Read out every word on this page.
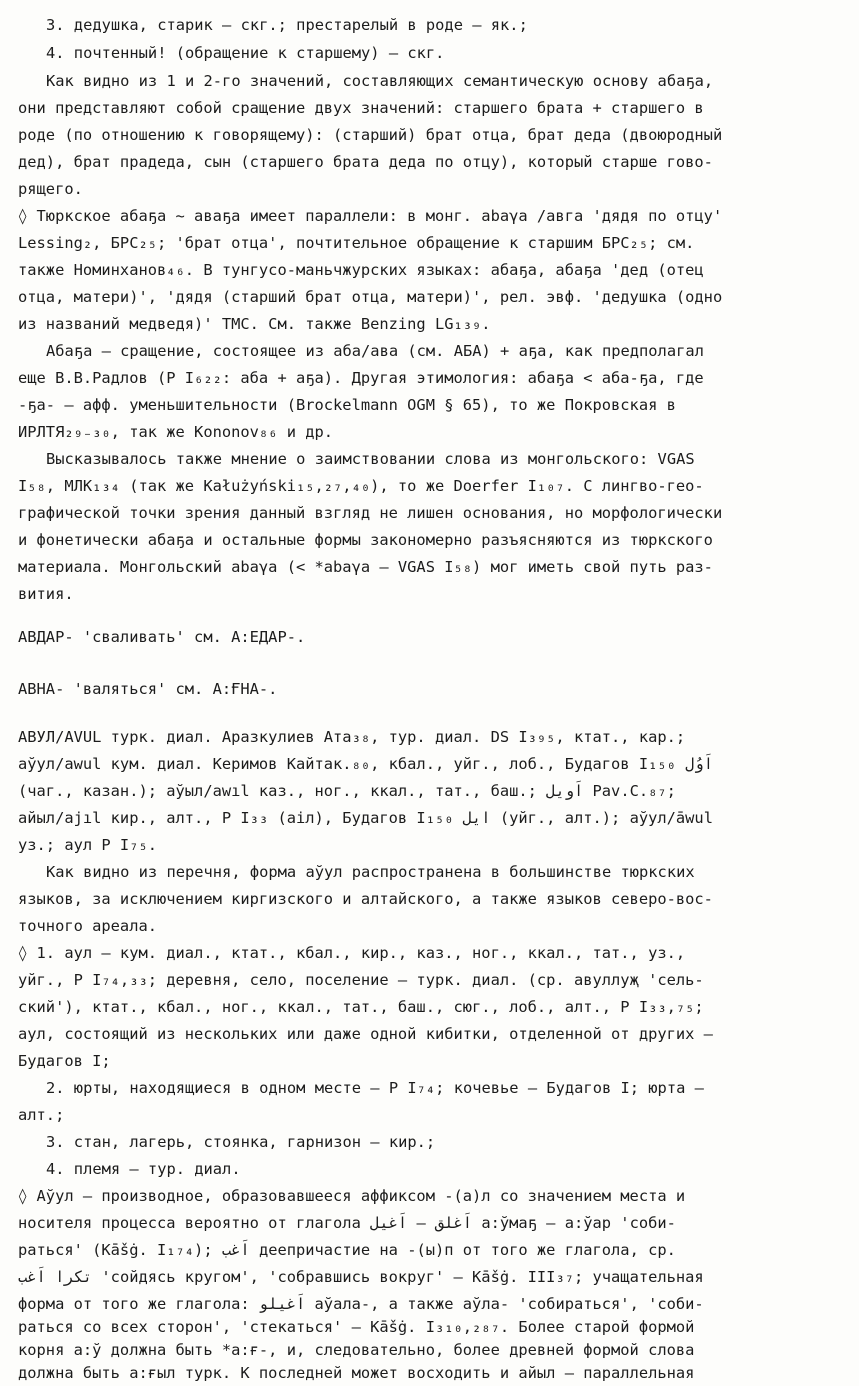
3. дедушка, старик – скг.; престарелый в роде – як.;
4. почтенный! (обращение к старшему) – скг.
Как видно из 1 и 2-го значений, составляющих семантическую основу абаҕа,
они представляют собой сращение двух значений: старшего брата + старшего в
роде (по отношению к говорящему): (старший) брат отца, брат деда (двоюродный
дед), брат прадеда, сын (старшего брата деда по отцу), который старше гово-
рящего.
◊ Тюркское абаҕа ~ аваҕа имеет параллели: в монг. abaγa /авга 'дядя по отцу'
Lessing₂, БРС₂₅; 'брат отца', почтительное обращение к старшим БРС₂₅; см.
также Номинханов₄₆. В тунгусо-маньчжурских языках: абаҕа, абаҕа 'дед (отец
отца, матери)', 'дядя (старший брат отца, матери)', рел. эвф. 'дедушка (одно
из названий медведя)' ТМС. См. также Benzing LG₁₃₉.
Абаҕа – сращение, состоящее из аба/ава (см. АБА) + аҕа, как предполагал
еще В.В.Радлов (Р I₆₂₂: аба + аҕа). Другая этимология: абаҕа < аба-ҕа, где
-ҕа- – афф. уменьшительности (Brockelmann OGM § 65), то же Покровская в
ИРЛТЯ₂₉₋₃₀, так же Kononov₈₆ и др.
Высказывалось также мнение о заимствовании слова из монгольского: VGAS
I₅₈, МЛК₁₃₄ (так же Kałużyński₁₅,₂₇,₄₀), то же Doerfer I₁₀₇. С лингво-гео-
графической точки зрения данный взгляд не лишен основания, но морфологически
и фонетически абаҕа и остальные формы закономерно разъясняются из тюркского
материала. Монгольский abaγa (< *abaγa – VGAS I₅₈) мог иметь свой путь раз-
вития.
АВДАР- 'сваливать' см. А:ЕДАР-.
АВНА- 'валяться' см. А:ҒНА-.
АВУЛ/AVUL турк. диал. Аразкулиев Ата₃₈, тур. диал. DS I₃₉₅, ктат., кар.;
аўул/awul кум. диал. Керимов Кайтак.₈₀, кбал., уйг., лоб., Будагов I₁₅₀ اَوُل
(чаг., казан.); аўыл/awıl каз., ног., ккал., тат., баш.; اَويل Pav.C.₈₇;
айыл/ajıl кир., алт., Р I₃₃ (аіл), Будагов I₁₅₀ ايل (уйг., алт.); аўул/āwul
уз.; аул Р I₇₅.
Как видно из перечня, форма аўул распространена в большинстве тюркских
языков, за исключением киргизского и алтайского, а также языков северо-вос-
точного ареала.
◊ 1. аул – кум. диал., ктат., кбал., кир., каз., ног., ккал., тат., уз.,
уйг., Р I₇₄,₃₃; деревня, село, поселение – турк. диал. (ср. авуллуҗ 'сель-
ский'), ктат., кбал., ног., ккал., тат., баш., сюг., лоб., алт., Р I₃₃,₇₅;
аул, состоящий из нескольких или даже одной кибитки, отделенной от других –
Будагов I;
2. юрты, находящиеся в одном месте – Р I₇₄; кочевье – Будагов I; юрта –
алт.;
3. стан, лагерь, стоянка, гарнизон – кир.;
4. племя – тур. диал.
◊ Аўул – производное, образовавшееся аффиксом -(а)л со значением места и
носителя процесса вероятно от глагола اَغلق – اَغيل а:ўмаҕ – а:ўар 'соби-
раться' (Kāšġ. I₁₇₄); اَغب деепричастие на -(ы)п от того же глагола, ср.
تكرا اَغب 'сойдясь кругом', 'собравшись вокруг' – Kāšġ. III₃₇; учащательная
форма от того же глагола: اَغيلو аўала-, а также аўла- 'собираться', 'соби-
раться со всех сторон', 'стекаться' – Kāšġ. I₃₁₀,₂₈₇. Более старой формой
корня а:ў должна быть *а:ғ-, и, следовательно, более древней формой слова
должна быть а:ғыл турк. К последней может восходить и айыл – параллельная
